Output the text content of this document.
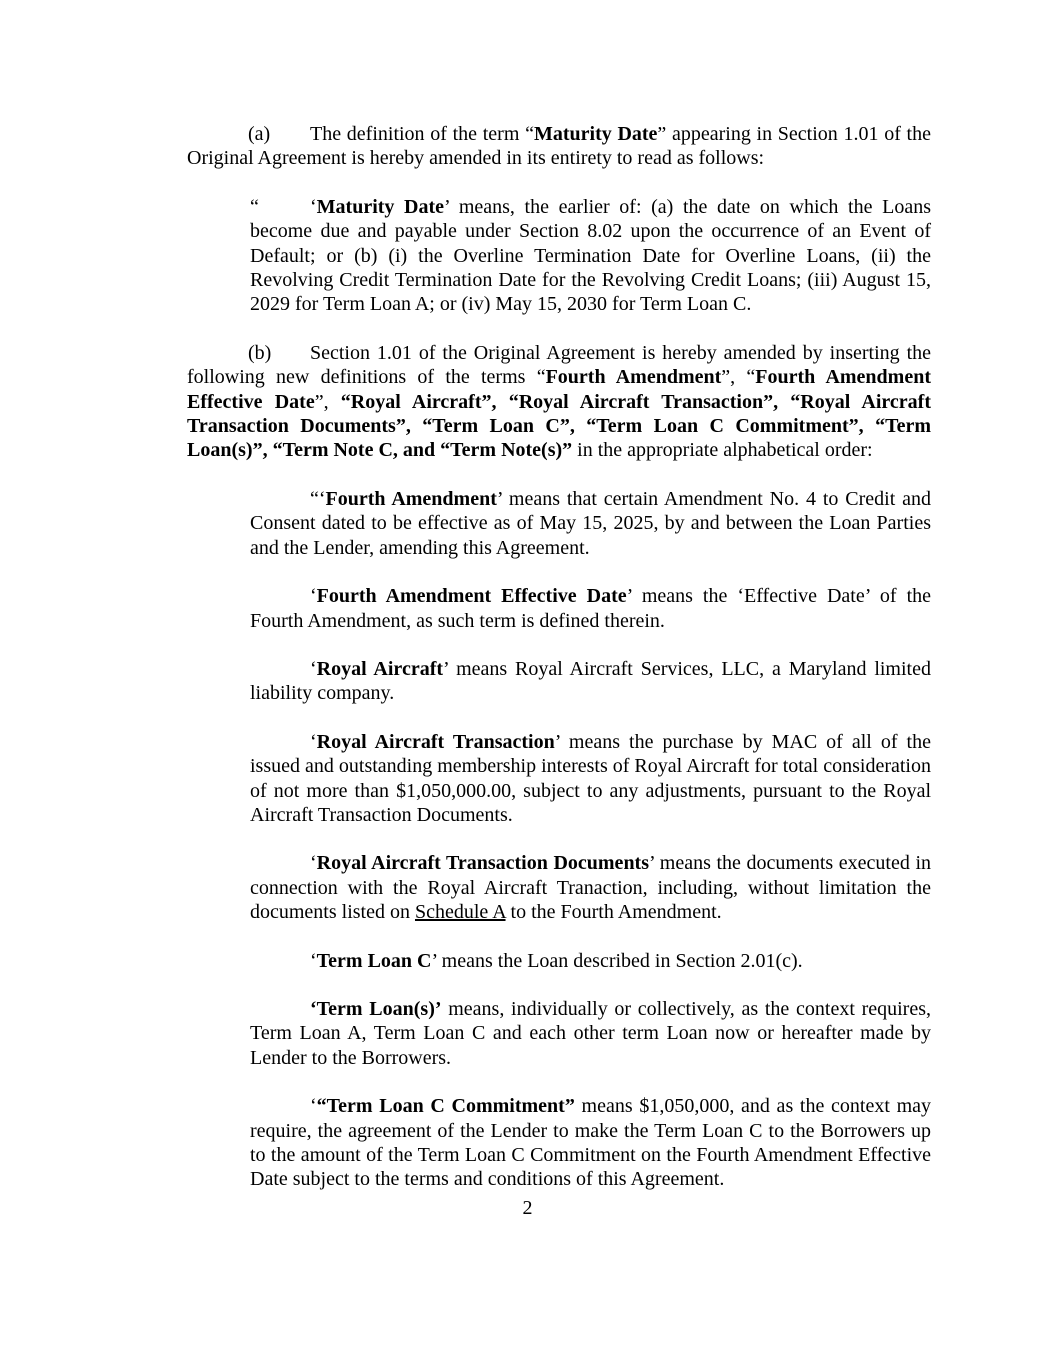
(a) The definition of the term “Maturity Date” appearing in Section 1.01 of the Original Agreement is hereby amended in its entirety to read as follows:

“	‘Maturity Date’ means, the earlier of: (a) the date on which the Loans become due and payable under Section 8.02 upon the occurrence of an Event of Default; or (b) (i) the Overline Termination Date for Overline Loans, (ii) the Revolving Credit Termination Date for the Revolving Credit Loans; (iii) August 15, 2029 for Term Loan A; or (iv) May 15, 2030 for Term Loan C.

(b) Section 1.01 of the Original Agreement is hereby amended by inserting the following new definitions of the terms “Fourth Amendment”, “Fourth Amendment Effective Date”, “Royal Aircraft”, “Royal Aircraft Transaction”, “Royal Aircraft Transaction Documents”, “Term Loan C”, “Term Loan C Commitment”, “Term Loan(s)”, “Term Note C, and “Term Note(s)” in the appropriate alphabetical order:

“‘Fourth Amendment’ means that certain Amendment No. 4 to Credit and Consent dated to be effective as of May 15, 2025, by and between the Loan Parties and the Lender, amending this Agreement.

‘Fourth Amendment Effective Date’ means the ‘Effective Date’ of the Fourth Amendment, as such term is defined therein.

‘Royal Aircraft’ means Royal Aircraft Services, LLC, a Maryland limited liability company.

‘Royal Aircraft Transaction’ means the purchase by MAC of all of the issued and outstanding membership interests of Royal Aircraft for total consideration of not more than $1,050,000.00, subject to any adjustments, pursuant to the Royal Aircraft Transaction Documents.

‘Royal Aircraft Transaction Documents’ means the documents executed in connection with the Royal Aircraft Tranaction, including, without limitation the documents listed on Schedule A to the Fourth Amendment.

‘Term Loan C’ means the Loan described in Section 2.01(c).

‘Term Loan(s)’ means, individually or collectively, as the context requires, Term Loan A, Term Loan C and each other term Loan now or hereafter made by Lender to the Borrowers.

‘“Term Loan C Commitment” means $1,050,000, and as the context may require, the agreement of the Lender to make the Term Loan C to the Borrowers up to the amount of the Term Loan C Commitment on the Fourth Amendment Effective Date subject to the terms and conditions of this Agreement.

2
